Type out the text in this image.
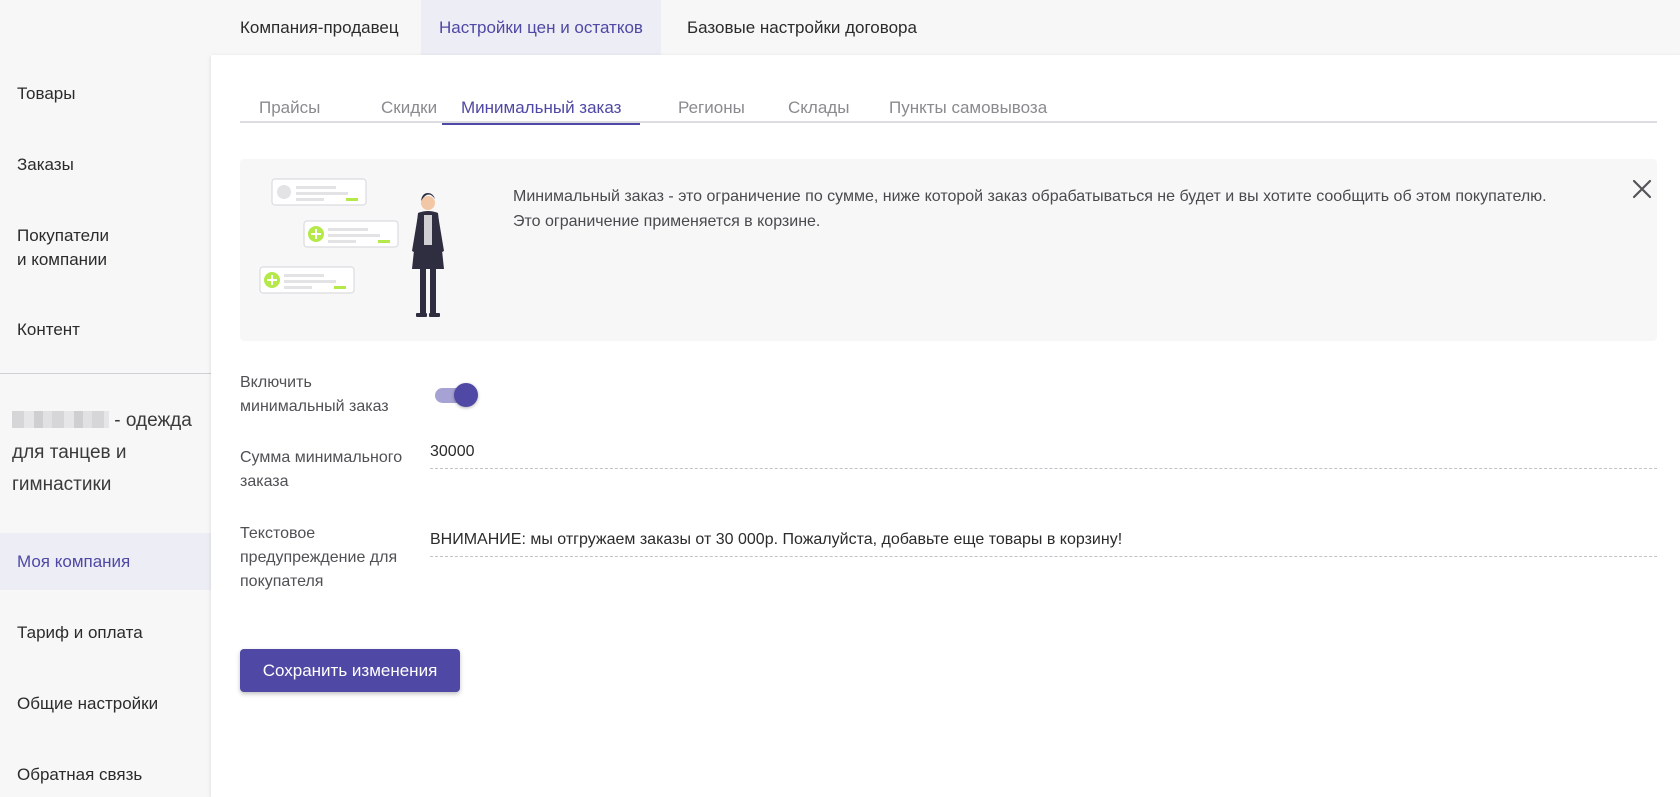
Товары
Заказы
Покупатели
и компании
Контент
- одежда для танцев и гимнастики
Моя компания
Тариф и оплата
Общие настройки
Обратная связь
Компания-продавец	Настройки цен и остатков	Базовые настройки договора
Прайсы	Скидки	Минимальный заказ	Регионы	Склады	Пункты самовывоза
Минимальный заказ - это ограничение по сумме, ниже которой заказ обрабатываться не будет и вы хотите сообщить об этом покупателю. Это ограничение применяется в корзине.
Включить
минимальный заказ
Сумма минимального
заказа
30000
Текстовое
предупреждение для
покупателя
ВНИМАНИЕ: мы отгружаем заказы от 30 000р. Пожалуйста, добавьте еще товары в корзину!
Сохранить изменения
